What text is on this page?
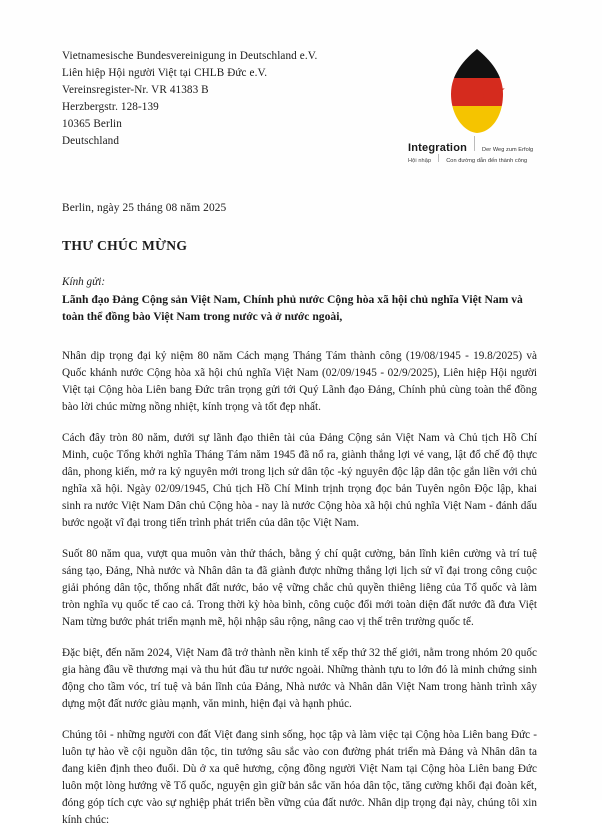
Vietnamesische Bundesvereinigung in Deutschland e.V.
Liên hiệp Hội người Việt tại CHLB Đức e.V.
Vereinsregister-Nr. VR 41383 B
Herzbergstr. 128-139
10365 Berlin
Deutschland
Integration	Der Weg zum Erfolg
Hội nhập	Con đường dẫn đến thành công
Berlin, ngày 25 tháng 08 năm 2025
THƯ CHÚC MỪNG
Kính gửi:
Lãnh đạo Đảng Cộng sản Việt Nam, Chính phủ nước Cộng hòa xã hội chủ nghĩa Việt Nam và toàn thể đồng bào Việt Nam trong nước và ở nước ngoài,

Nhân dịp trọng đại kỷ niệm 80 năm Cách mạng Tháng Tám thành công (19/08/1945 - 19.8/2025) và Quốc khánh nước Cộng hòa xã hội chủ nghĩa Việt Nam (02/09/1945 - 02/9/2025), Liên hiệp Hội người Việt tại Cộng hòa Liên bang Đức trân trọng gửi tới Quý Lãnh đạo Đảng, Chính phủ cùng toàn thể đồng bào lời chúc mừng nồng nhiệt, kính trọng và tốt đẹp nhất.

Cách đây tròn 80 năm, dưới sự lãnh đạo thiên tài của Đảng Cộng sản Việt Nam và Chủ tịch Hồ Chí Minh, cuộc Tổng khởi nghĩa Tháng Tám năm 1945 đã nổ ra, giành thắng lợi vẻ vang, lật đổ chế độ thực dân, phong kiến, mở ra kỷ nguyên mới trong lịch sử dân tộc -kỷ nguyên độc lập dân tộc gắn liền với chủ nghĩa xã hội. Ngày 02/09/1945, Chủ tịch Hồ Chí Minh trịnh trọng đọc bản Tuyên ngôn Độc lập, khai sinh ra nước Việt Nam Dân chủ Cộng hòa - nay là nước Cộng hòa xã hội chủ nghĩa Việt Nam - đánh dấu bước ngoặt vĩ đại trong tiến trình phát triển của dân tộc Việt Nam.

Suốt 80 năm qua, vượt qua muôn vàn thử thách, bằng ý chí quật cường, bản lĩnh kiên cường và trí tuệ sáng tạo, Đảng, Nhà nước và Nhân dân ta đã giành được những thắng lợi lịch sử vĩ đại trong công cuộc giải phóng dân tộc, thống nhất đất nước, bảo vệ vững chắc chủ quyền thiêng liêng của Tổ quốc và làm tròn nghĩa vụ quốc tế cao cả. Trong thời kỳ hòa bình, công cuộc đổi mới toàn diện đất nước đã đưa Việt Nam từng bước phát triển mạnh mẽ, hội nhập sâu rộng, nâng cao vị thế trên trường quốc tế.

Đặc biệt, đến năm 2024, Việt Nam đã trở thành nền kinh tế xếp thứ 32 thế giới, nằm trong nhóm 20 quốc gia hàng đầu về thương mại và thu hút đầu tư nước ngoài. Những thành tựu to lớn đó là minh chứng sinh động cho tầm vóc, trí tuệ và bản lĩnh của Đảng, Nhà nước và Nhân dân Việt Nam trong hành trình xây dựng một đất nước giàu mạnh, văn minh, hiện đại và hạnh phúc.

Chúng tôi - những người con đất Việt đang sinh sống, học tập và làm việc tại Cộng hòa Liên bang Đức - luôn tự hào về cội nguồn dân tộc, tin tưởng sâu sắc vào con đường phát triển mà Đảng và Nhân dân ta đang kiên định theo đuổi. Dù ở xa quê hương, cộng đồng người Việt Nam tại Cộng hòa Liên bang Đức luôn một lòng hướng về Tổ quốc, nguyện gìn giữ bản sắc văn hóa dân tộc, tăng cường khối đại đoàn kết, đóng góp tích cực vào sự nghiệp phát triển bền vững của đất nước. Nhân dịp trọng đại này, chúng tôi xin kính chúc:
